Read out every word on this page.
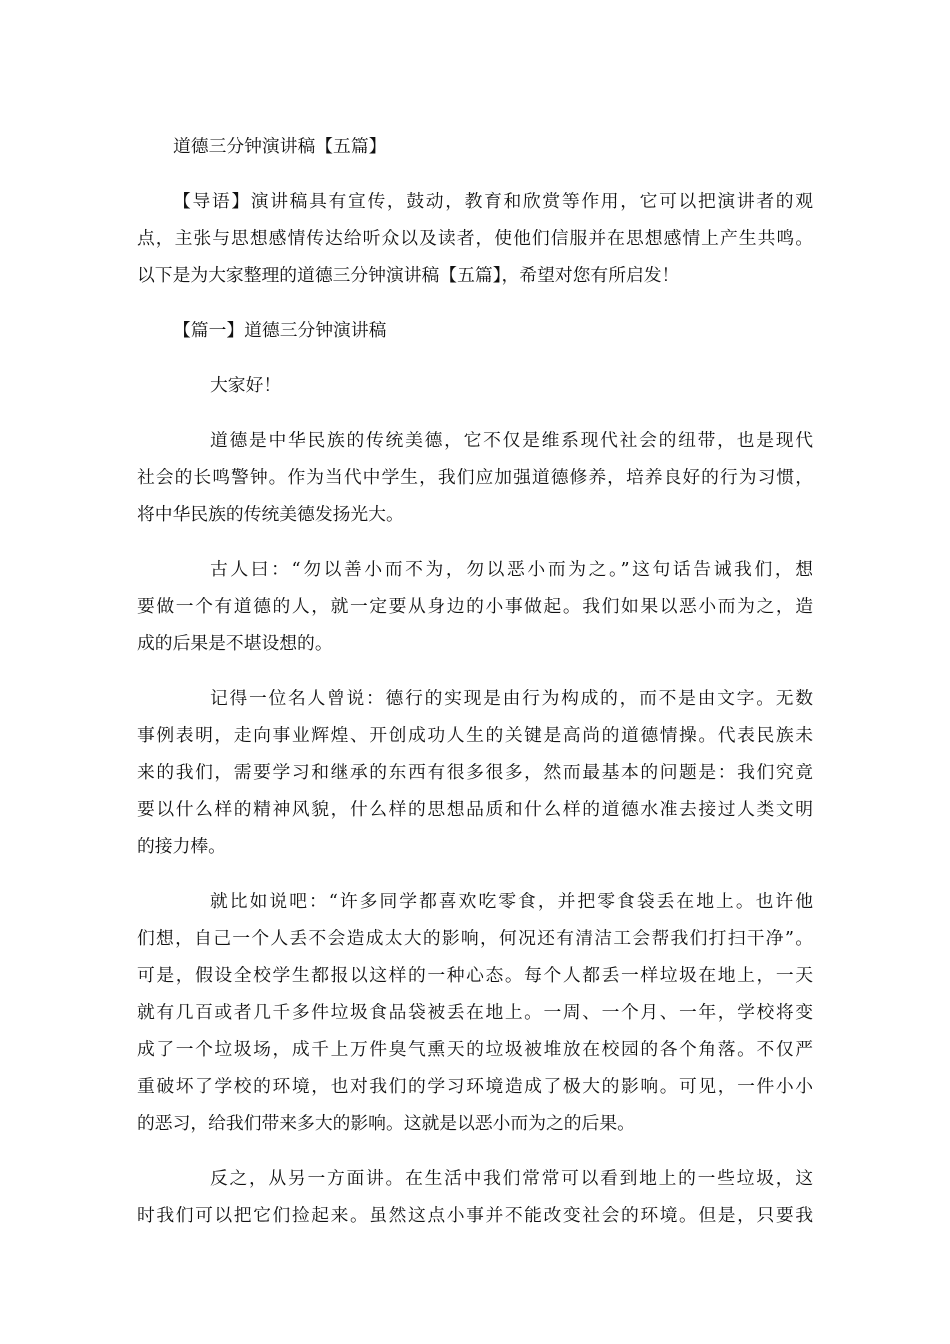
道德三分钟演讲稿【五篇】
【导语】演讲稿具有宣传，鼓动，教育和欣赏等作用，它可以把演讲者的观
点，主张与思想感情传达给听众以及读者，使他们信服并在思想感情上产生共鸣。
以下是为大家整理的道德三分钟演讲稿【五篇】，希望对您有所启发！
【篇一】道德三分钟演讲稿
大家好！
道德是中华民族的传统美德，它不仅是维系现代社会的纽带，也是现代
社会的长鸣警钟。作为当代中学生，我们应加强道德修养，培养良好的行为习惯，
将中华民族的传统美德发扬光大。
古人曰：“勿以善小而不为，勿以恶小而为之。”这句话告诫我们，想
要做一个有道德的人，就一定要从身边的小事做起。我们如果以恶小而为之，造
成的后果是不堪设想的。
记得一位名人曾说：德行的实现是由行为构成的，而不是由文字。无数
事例表明，走向事业辉煌、开创成功人生的关键是高尚的道德情操。代表民族未
来的我们，需要学习和继承的东西有很多很多，然而最基本的问题是：我们究竟
要以什么样的精神风貌，什么样的思想品质和什么样的道德水准去接过人类文明
的接力棒。
就比如说吧：“许多同学都喜欢吃零食，并把零食袋丢在地上。也许他
们想，自己一个人丢不会造成太大的影响，何况还有清洁工会帮我们打扫干净”。
可是，假设全校学生都报以这样的一种心态。每个人都丢一样垃圾在地上，一天
就有几百或者几千多件垃圾食品袋被丢在地上。一周、一个月、一年，学校将变
成了一个垃圾场，成千上万件臭气熏天的垃圾被堆放在校园的各个角落。不仅严
重破坏了学校的环境，也对我们的学习环境造成了极大的影响。可见，一件小小
的恶习，给我们带来多大的影响。这就是以恶小而为之的后果。
反之，从另一方面讲。在生活中我们常常可以看到地上的一些垃圾，这
时我们可以把它们捡起来。虽然这点小事并不能改变社会的环境。但是，只要我
